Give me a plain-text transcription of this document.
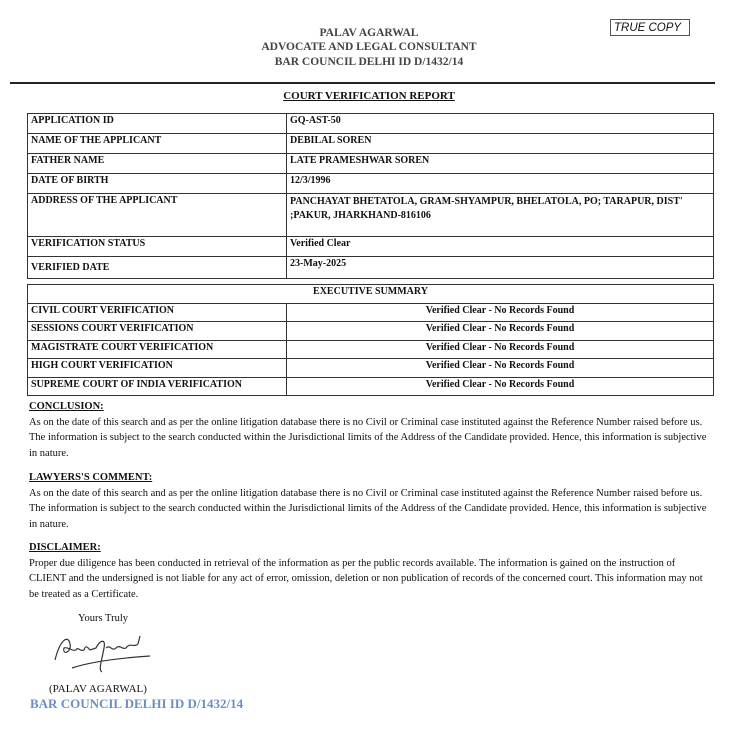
PALAV AGARWAL
ADVOCATE AND LEGAL CONSULTANT
BAR COUNCIL DELHI ID D/1432/14
TRUE COPY
COURT VERIFICATION REPORT
APPLICATION ID	GQ-AST-50
NAME OF THE APPLICANT	DEBILAL SOREN
FATHER NAME	LATE PRAMESHWAR SOREN
DATE OF BIRTH	12/3/1996
ADDRESS OF THE APPLICANT	PANCHAYAT BHETATOLA, GRAM-SHYAMPUR, BHELATOLA, PO; TARAPUR, DIST' ;PAKUR, JHARKHAND-816106
VERIFICATION STATUS	Verified Clear
VERIFIED DATE	23-May-2025
EXECUTIVE SUMMARY	
CIVIL COURT VERIFICATION	Verified Clear - No Records Found
SESSIONS COURT VERIFICATION	Verified Clear - No Records Found
MAGISTRATE COURT VERIFICATION	Verified Clear - No Records Found
HIGH COURT VERIFICATION	Verified Clear - No Records Found
SUPREME COURT OF INDIA VERIFICATION	Verified Clear - No Records Found
CONCLUSION:

As on the date of this search and as per the online litigation database there is no Civil or Criminal case instituted against the Reference Number raised before us. The information is subject to the search conducted within the Jurisdictional limits of the Address of the Candidate provided. Hence, this information is subjective in nature.

LAWYERS'S COMMENT:

As on the date of this search and as per the online litigation database there is no Civil or Criminal case instituted against the Reference Number raised before us. The information is subject to the search conducted within the Jurisdictional limits of the Address of the Candidate provided. Hence, this information is subjective in nature.

DISCLAIMER:

Proper due diligence has been conducted in retrieval of the information as per the public records available. The information is gained on the instruction of CLIENT and the undersigned is not liable for any act of error, omission, deletion or non publication of records of the concerned court. This information may not be treated as a Certificate.

Yours Truly
(PALAV AGARWAL)
BAR COUNCIL DELHI ID D/1432/14
